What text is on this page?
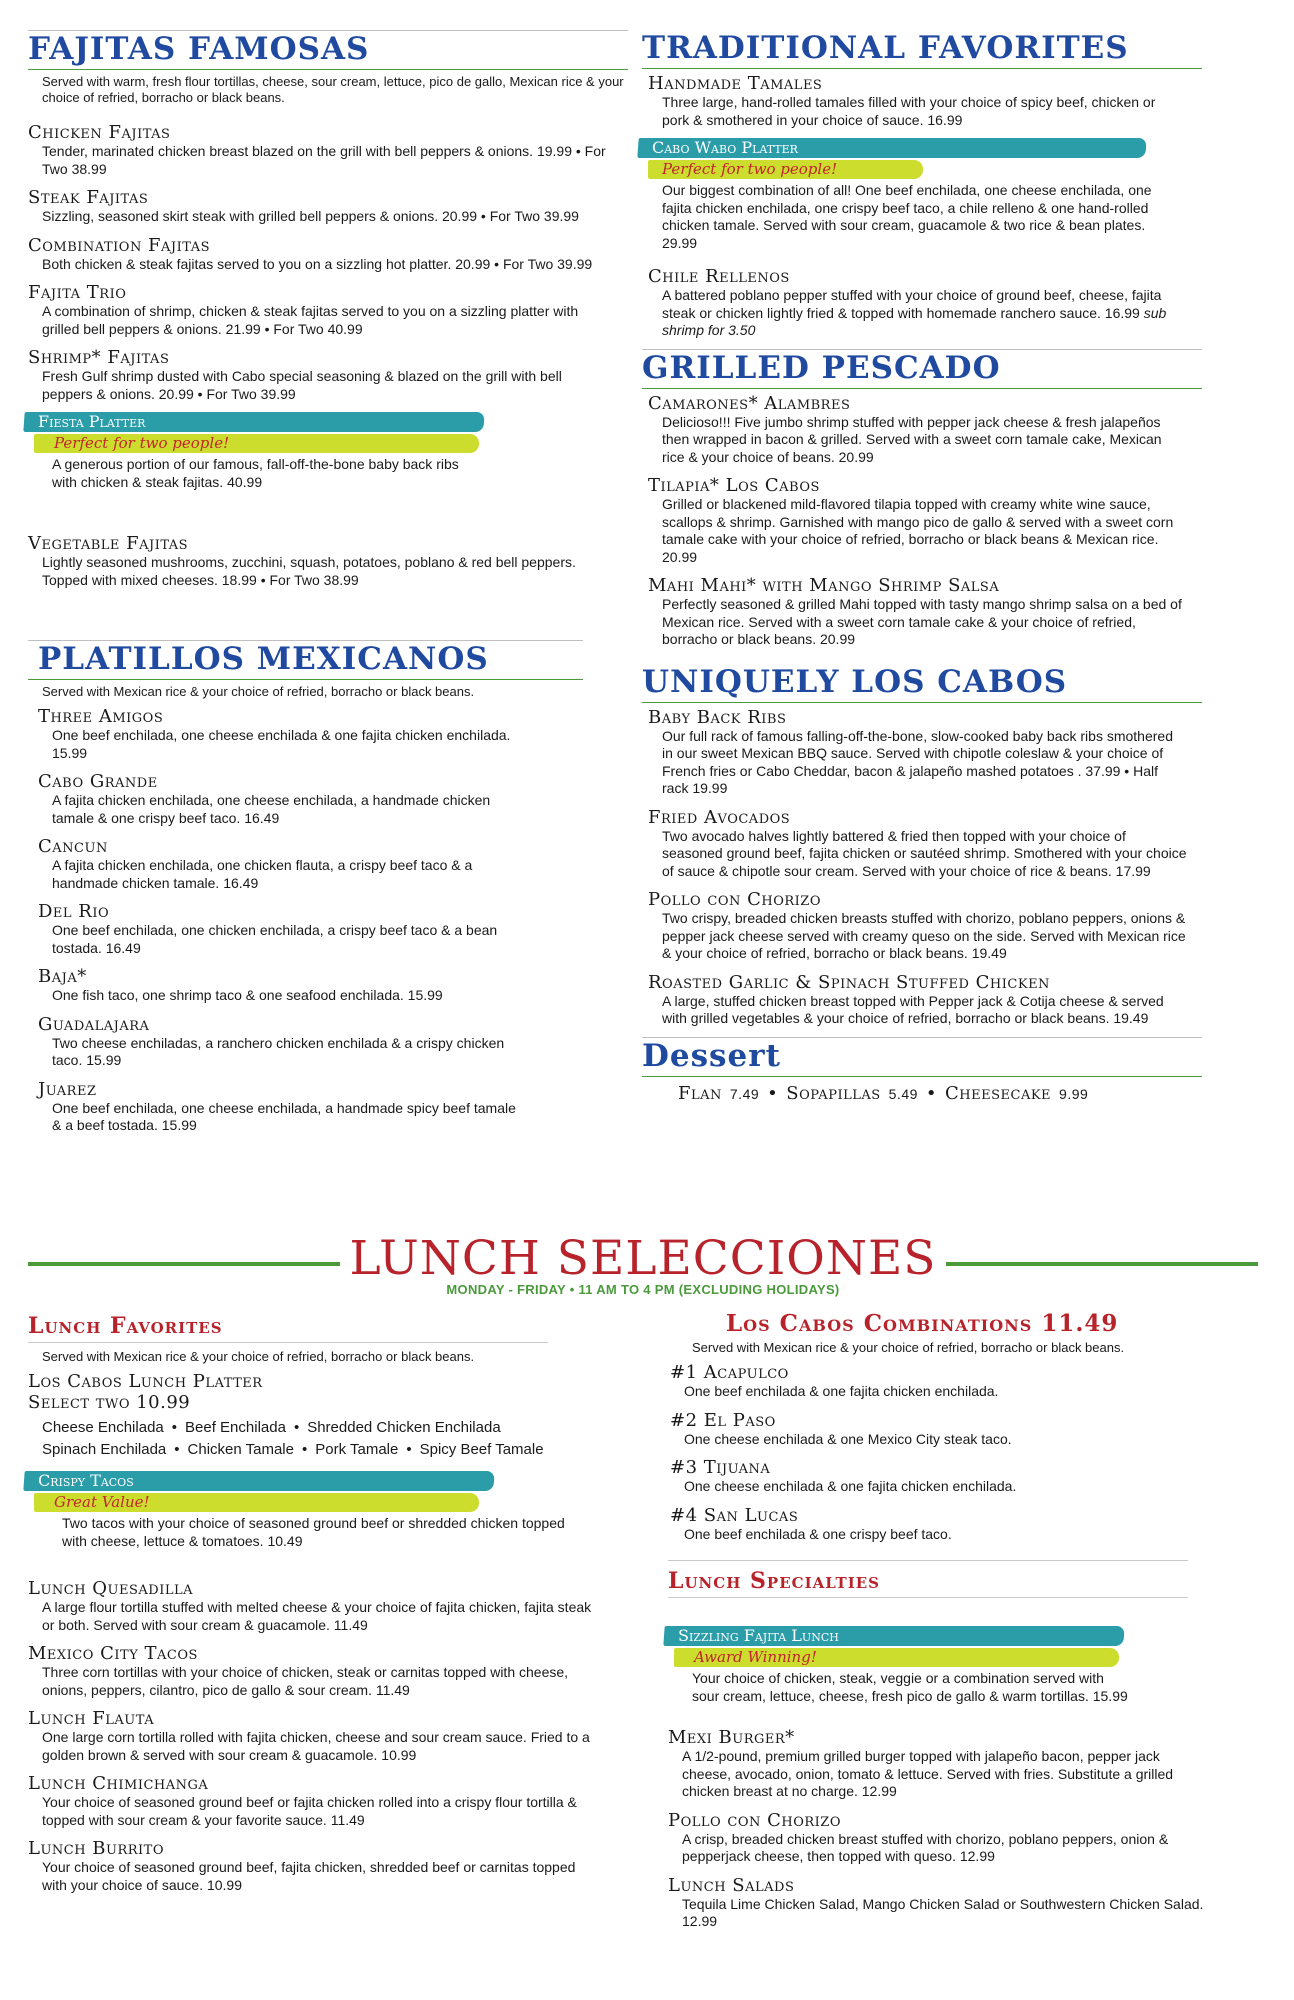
FAJITAS FAMOSAS
Served with warm, fresh flour tortillas, cheese, sour cream, lettuce, pico de gallo, Mexican rice & your choice of refried, borracho or black beans.
Chicken Fajitas
Tender, marinated chicken breast blazed on the grill with bell peppers & onions. 19.99 • For Two 38.99
Steak Fajitas
Sizzling, seasoned skirt steak with grilled bell peppers & onions. 20.99 • For Two 39.99
Combination Fajitas
Both chicken & steak fajitas served to you on a sizzling hot platter. 20.99 • For Two 39.99
Fajita Trio
A combination of shrimp, chicken & steak fajitas served to you on a sizzling platter with grilled bell peppers & onions. 21.99 • For Two 40.99
Shrimp* Fajitas
Fresh Gulf shrimp dusted with Cabo special seasoning & blazed on the grill with bell peppers & onions. 20.99 • For Two 39.99
Fiesta Platter
Perfect for two people!
A generous portion of our famous, fall-off-the-bone baby back ribs with chicken & steak fajitas. 40.99
Vegetable Fajitas
Lightly seasoned mushrooms, zucchini, squash, potatoes, poblano & red bell peppers. Topped with mixed cheeses. 18.99 • For Two 38.99
PLATILLOS MEXICANOS
Served with Mexican rice & your choice of refried, borracho or black beans.
Three Amigos
One beef enchilada, one cheese enchilada & one fajita chicken enchilada. 15.99
Cabo Grande
A fajita chicken enchilada, one cheese enchilada, a handmade chicken tamale & one crispy beef taco. 16.49
Cancun
A fajita chicken enchilada, one chicken flauta, a crispy beef taco & a handmade chicken tamale. 16.49
Del Rio
One beef enchilada, one chicken enchilada, a crispy beef taco & a bean tostada. 16.49
Baja*
One fish taco, one shrimp taco & one seafood enchilada. 15.99
Guadalajara
Two cheese enchiladas, a ranchero chicken enchilada & a crispy chicken taco. 15.99
Juarez
One beef enchilada, one cheese enchilada, a handmade spicy beef tamale & a beef tostada. 15.99
TRADITIONAL FAVORITES
Handmade Tamales
Three large, hand-rolled tamales filled with your choice of spicy beef, chicken or pork & smothered in your choice of sauce. 16.99
Cabo Wabo Platter
Perfect for two people!
Our biggest combination of all! One beef enchilada, one cheese enchilada, one fajita chicken enchilada, one crispy beef taco, a chile relleno & one hand-rolled chicken tamale. Served with sour cream, guacamole & two rice & bean plates. 29.99
Chile Rellenos
A battered poblano pepper stuffed with your choice of ground beef, cheese, fajita steak or chicken lightly fried & topped with homemade ranchero sauce. 16.99 sub shrimp for 3.50
GRILLED PESCADO
Camarones* Alambres
Delicioso!!! Five jumbo shrimp stuffed with pepper jack cheese & fresh jalapeños then wrapped in bacon & grilled. Served with a sweet corn tamale cake, Mexican rice & your choice of beans. 20.99
Tilapia* Los Cabos
Grilled or blackened mild-flavored tilapia topped with creamy white wine sauce, scallops & shrimp. Garnished with mango pico de gallo & served with a sweet corn tamale cake with your choice of refried, borracho or black beans & Mexican rice. 20.99
Mahi Mahi* with Mango Shrimp Salsa
Perfectly seasoned & grilled Mahi topped with tasty mango shrimp salsa on a bed of Mexican rice. Served with a sweet corn tamale cake & your choice of refried, borracho or black beans. 20.99
UNIQUELY LOS CABOS
Baby Back Ribs
Our full rack of famous falling-off-the-bone, slow-cooked baby back ribs smothered in our sweet Mexican BBQ sauce. Served with chipotle coleslaw & your choice of French fries or Cabo Cheddar, bacon & jalapeño mashed potatoes . 37.99 • Half rack 19.99
Fried Avocados
Two avocado halves lightly battered & fried then topped with your choice of seasoned ground beef, fajita chicken or sautéed shrimp. Smothered with your choice of sauce & chipotle sour cream. Served with your choice of rice & beans. 17.99
Pollo con Chorizo
Two crispy, breaded chicken breasts stuffed with chorizo, poblano peppers, onions & pepper jack cheese served with creamy queso on the side. Served with Mexican rice & your choice of refried, borracho or black beans. 19.49
Roasted Garlic & Spinach Stuffed Chicken
A large, stuffed chicken breast topped with Pepper jack & Cotija cheese & served with grilled vegetables & your choice of refried, borracho or black beans. 19.49
Dessert
Flan 7.49 • Sopapillas 5.49 • Cheesecake 9.99
LUNCH SELECCIONES
MONDAY - FRIDAY • 11 AM TO 4 PM (EXCLUDING HOLIDAYS)
Lunch Favorites
Served with Mexican rice & your choice of refried, borracho or black beans.
Los Cabos Lunch Platter
Select two 10.99
Cheese Enchilada • Beef Enchilada • Shredded Chicken Enchilada
Spinach Enchilada • Chicken Tamale • Pork Tamale • Spicy Beef Tamale
Crispy Tacos
Great Value!
Two tacos with your choice of seasoned ground beef or shredded chicken topped with cheese, lettuce & tomatoes. 10.49
Lunch Quesadilla
A large flour tortilla stuffed with melted cheese & your choice of fajita chicken, fajita steak or both. Served with sour cream & guacamole. 11.49
Mexico City Tacos
Three corn tortillas with your choice of chicken, steak or carnitas topped with cheese, onions, peppers, cilantro, pico de gallo & sour cream. 11.49
Lunch Flauta
One large corn tortilla rolled with fajita chicken, cheese and sour cream sauce. Fried to a golden brown & served with sour cream & guacamole. 10.99
Lunch Chimichanga
Your choice of seasoned ground beef or fajita chicken rolled into a crispy flour tortilla & topped with sour cream & your favorite sauce. 11.49
Lunch Burrito
Your choice of seasoned ground beef, fajita chicken, shredded beef or carnitas topped with your choice of sauce. 10.99
Los Cabos Combinations 11.49
Served with Mexican rice & your choice of refried, borracho or black beans.
#1 Acapulco
One beef enchilada & one fajita chicken enchilada.
#2 El Paso
One cheese enchilada & one Mexico City steak taco.
#3 Tijuana
One cheese enchilada & one fajita chicken enchilada.
#4 San Lucas
One beef enchilada & one crispy beef taco.
Lunch Specialties
Sizzling Fajita Lunch
Award Winning!
Your choice of chicken, steak, veggie or a combination served with sour cream, lettuce, cheese, fresh pico de gallo & warm tortillas. 15.99
Mexi Burger*
A 1/2-pound, premium grilled burger topped with jalapeño bacon, pepper jack cheese, avocado, onion, tomato & lettuce. Served with fries. Substitute a grilled chicken breast at no charge. 12.99
Pollo con Chorizo
A crisp, breaded chicken breast stuffed with chorizo, poblano peppers, onion & pepperjack cheese, then topped with queso. 12.99
Lunch Salads
Tequila Lime Chicken Salad, Mango Chicken Salad or Southwestern Chicken Salad. 12.99
